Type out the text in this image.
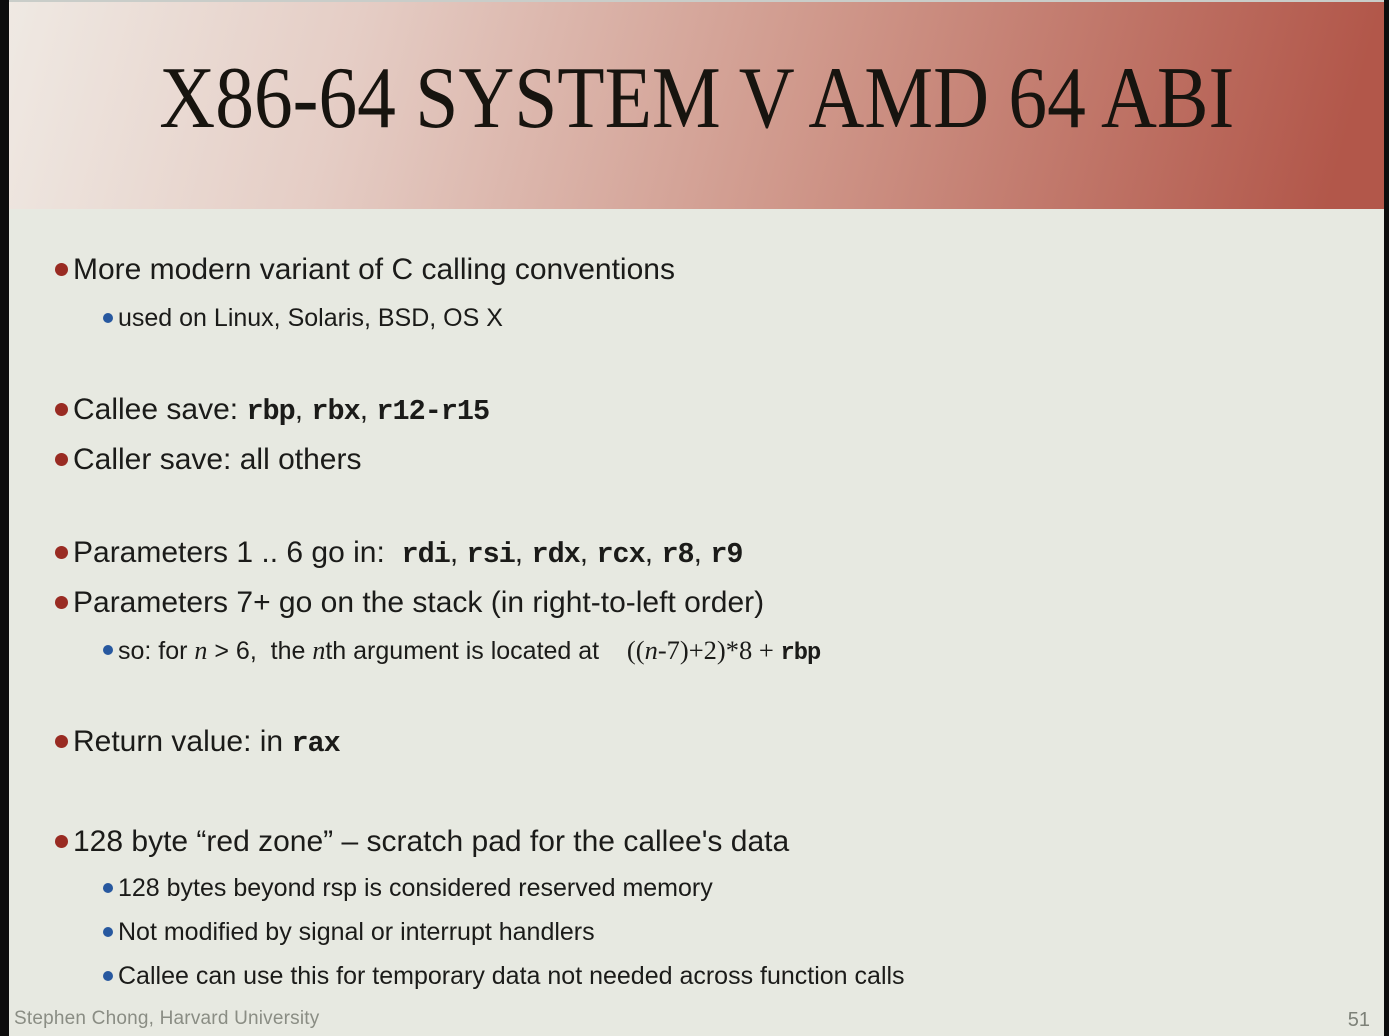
X86-64 SYSTEM V AMD 64 ABI
More modern variant of C calling conventions
used on Linux, Solaris, BSD, OS X
Callee save: rbp, rbx, r12-r15
Caller save: all others
Parameters 1 .. 6 go in:  rdi, rsi, rdx, rcx, r8, r9
Parameters 7+ go on the stack (in right-to-left order)
so: for n > 6,  the nth argument is located at    ((n-7)+2)*8 + rbp
Return value: in rax
128 byte “red zone” – scratch pad for the callee's data
128 bytes beyond rsp is considered reserved memory
Not modified by signal or interrupt handlers
Callee can use this for temporary data not needed across function calls
Stephen Chong, Harvard University	51
